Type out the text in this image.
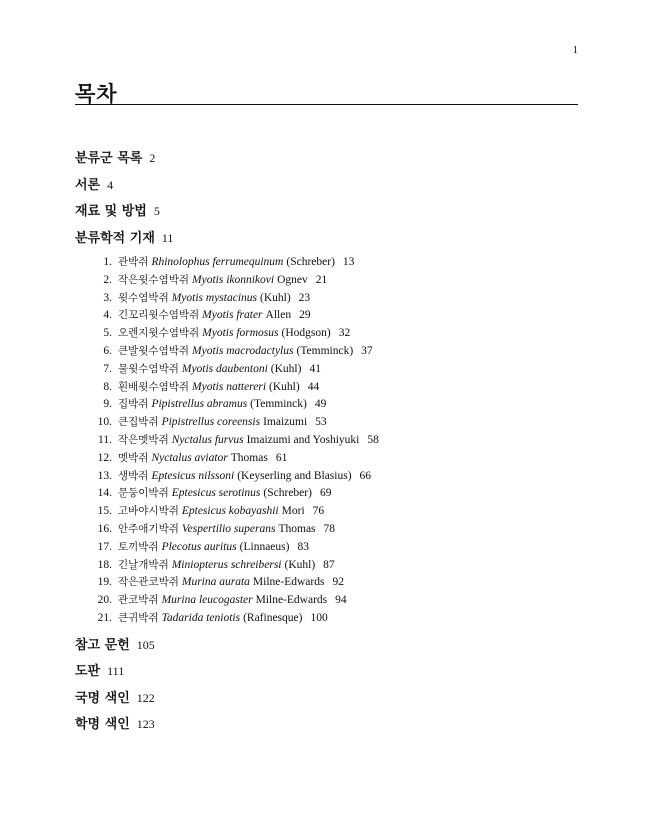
1
목차
분류군 목록 2
서론 4
재료 및 방법 5
분류학적 기재 11
1. 관박쥐 Rhinolophus ferrumequinum (Schreber) 13
2. 작은윗수염박쥐 Myotis ikonnikovi Ognev 21
3. 윗수염박쥐 Myotis mystacinus (Kuhl) 23
4. 긴꼬리윗수염박쥐 Myotis frater Allen 29
5. 오렌지윗수염박쥐 Myotis formosus (Hodgson) 32
6. 큰발윗수염박쥐 Myotis macrodactylus (Temminck) 37
7. 물윗수염박쥐 Myotis daubentoni (Kuhl) 41
8. 흰배윗수염박쥐 Myotis nattereri (Kuhl) 44
9. 집박쥐 Pipistrellus abramus (Temminck) 49
10. 큰집박쥐 Pipistrellus coreensis Imaizumi 53
11. 작은멧박쥐 Nyctalus furvus Imaizumi and Yoshiyuki 58
12. 멧박쥐 Nyctalus aviator Thomas 61
13. 생박쥐 Eptesicus nilssoni (Keyserling and Blasius) 66
14. 문둥이박쥐 Eptesicus serotinus (Schreber) 69
15. 고바야시박쥐 Eptesicus kobayashii Mori 76
16. 안주애기박쥐 Vespertilio superans Thomas 78
17. 토끼박쥐 Plecotus auritus (Linnaeus) 83
18. 긴날개박쥐 Miniopterus schreibersi (Kuhl) 87
19. 작은관코박쥐 Murina aurata Milne-Edwards 92
20. 관코박쥐 Murina leucogaster Milne-Edwards 94
21. 큰귀박쥐 Tadarida teniotis (Rafinesque) 100
참고 문헌 105
도판 111
국명 색인 122
학명 색인 123
